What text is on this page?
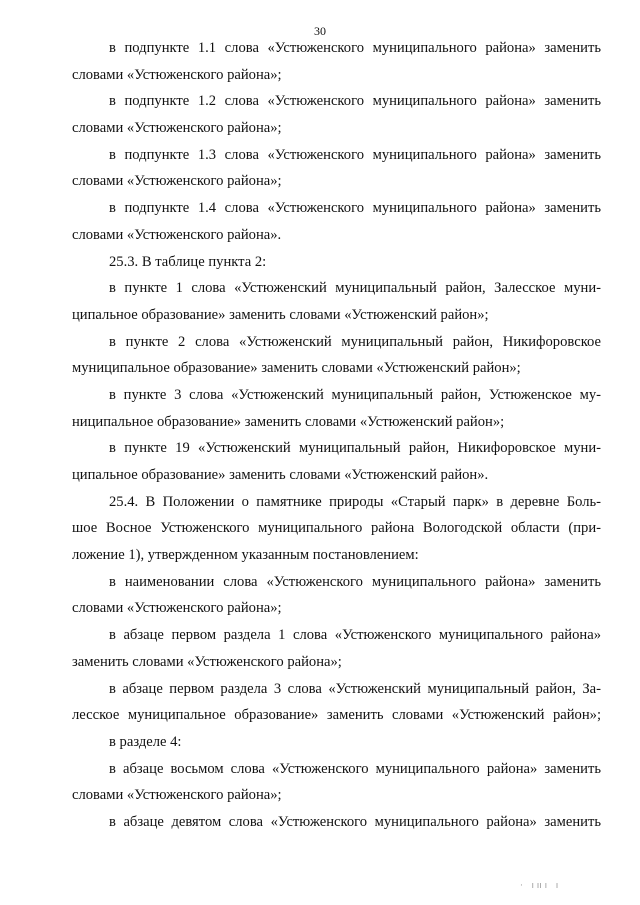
30
в подпункте 1.1 слова «Устюженского муниципального района» заменить
словами «Устюженского района»;
в подпункте 1.2 слова «Устюженского муниципального района» заменить
словами «Устюженского района»;
в подпункте 1.3 слова «Устюженского муниципального района» заменить
словами «Устюженского района»;
в подпункте 1.4 слова «Устюженского муниципального района» заменить
словами «Устюженского района».
25.3. В таблице пункта 2:
в пункте 1 слова «Устюженский муниципальный район, Залесское муни-
ципальное образование» заменить словами «Устюженский район»;
в пункте 2 слова «Устюженский муниципальный район, Никифоровское
муниципальное образование» заменить словами «Устюженский район»;
в пункте 3 слова «Устюженский муниципальный район, Устюженское му-
ниципальное образование» заменить словами «Устюженский район»;
в пункте 19 «Устюженский муниципальный район, Никифоровское муни-
ципальное образование» заменить словами «Устюженский район».
25.4. В Положении о памятнике природы «Старый парк» в деревне Боль-
шое Восное Устюженского муниципального района Вологодской области (при-
ложение 1), утвержденном указанным постановлением:
в наименовании слова «Устюженского муниципального района» заменить
словами «Устюженского района»;
в абзаце первом раздела 1 слова «Устюженского муниципального района»
заменить словами «Устюженского района»;
в абзаце первом раздела 3 слова «Устюженский муниципальный район, За-
лесское муниципальное образование» заменить словами «Устюженский район»;
в разделе 4:
в абзаце восьмом слова «Устюженского муниципального района» заменить
словами «Устюженского района»;
в абзаце девятом слова «Устюженского муниципального района» заменить
·   ı ıı ı   ı
